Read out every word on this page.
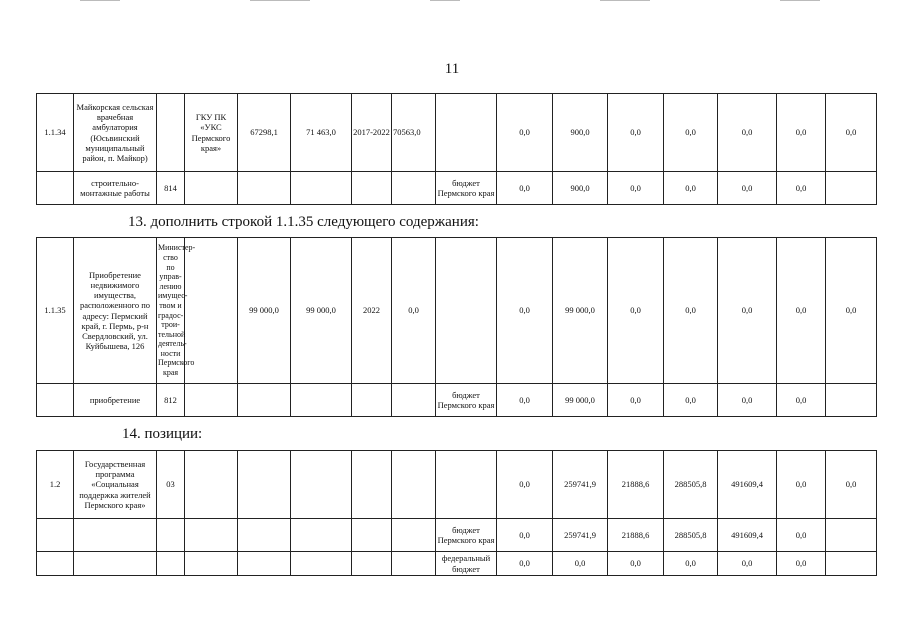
11
1.1.34	Майкорская сельская врачебная амбулатория (Юсьвинский муниципальный район, п. Майкор)		ГКУ ПК «УКС Пермского края»	67298,1	71 463,0	2017-2022	70563,0		0,0	900,0	0,0	0,0	0,0	0,0	0,0
	строительно-монтажные работы	814						бюджет Пермского края	0,0	900,0	0,0	0,0	0,0	0,0	
13. дополнить строкой 1.1.35 следующего содержания:
1.1.35	Приобретение недвижимого имущества, расположенного по адресу: Пермский край, г. Пермь, р-н Свердловский, ул. Куйбышева, 126	Министер-ство по управ-лению имущес-твом и градос-трои-тельной деятель-ности Пермского края		99 000,0	99 000,0	2022	0,0		0,0	99 000,0	0,0	0,0	0,0	0,0	0,0
	приобретение	812						бюджет Пермского края	0,0	99 000,0	0,0	0,0	0,0	0,0	
14. позиции:
1.2	Государственная программа «Социальная поддержка жителей Пермского края»	03							0,0	259741,9	21888,6	288505,8	491609,4	0,0	0,0
								бюджет Пермского края	0,0	259741,9	21888,6	288505,8	491609,4	0,0	
								федеральный бюджет	0,0	0,0	0,0	0,0	0,0	0,0	
